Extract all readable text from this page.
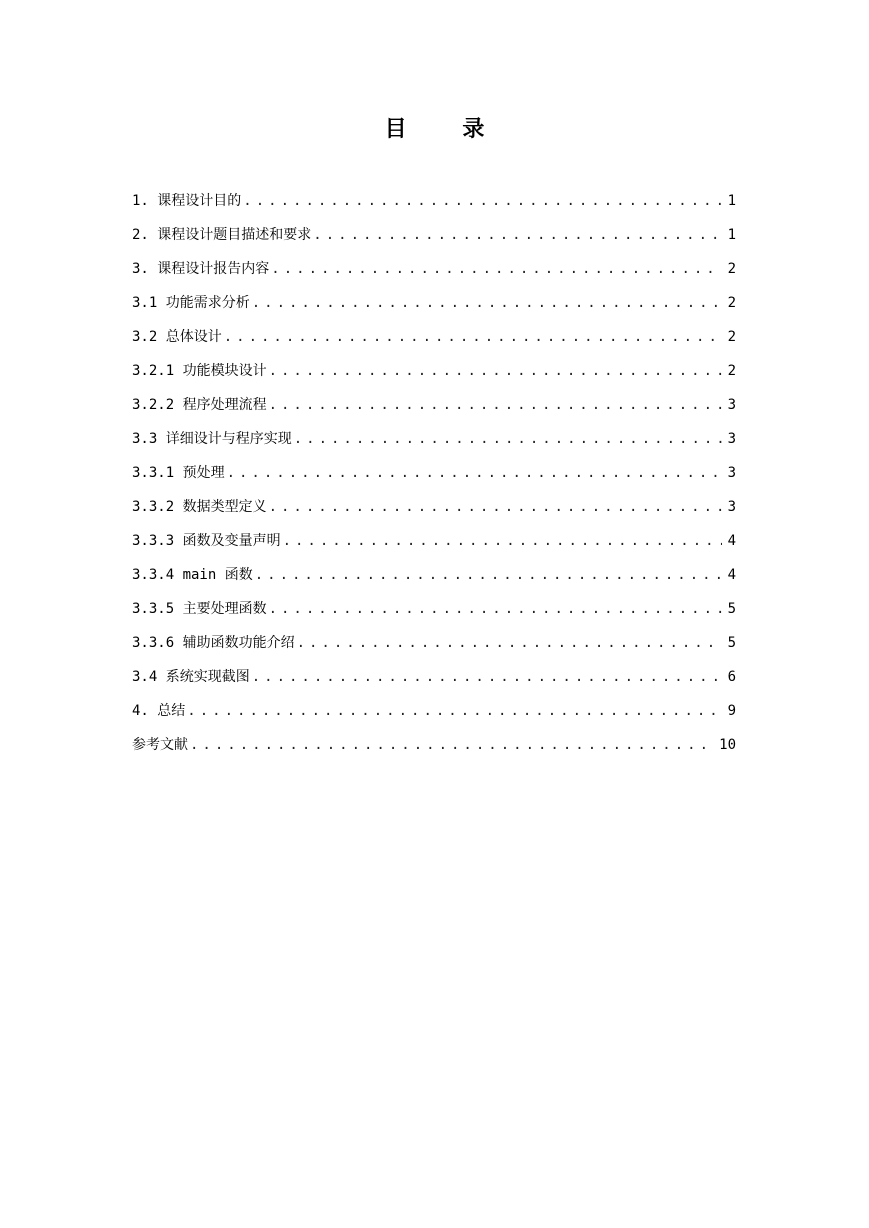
目 录
1. 课程设计目的 .....	1
2. 课程设计题目描述和要求 .....	1
3. 课程设计报告内容 .....	2
3.1 功能需求分析 .....	2
3.2 总体设计 .....	2
3.2.1 功能模块设计 .....	2
3.2.2 程序处理流程 .....	3
3.3 详细设计与程序实现 .....	3
3.3.1 预处理 .....	3
3.3.2 数据类型定义 .....	3
3.3.3 函数及变量声明 .....	4
3.3.4 main 函数 .....	4
3.3.5 主要处理函数 .....	5
3.3.6 辅助函数功能介绍 .....	5
3.4 系统实现截图 .....	6
4. 总结 .....	9
参考文献 .....	10
